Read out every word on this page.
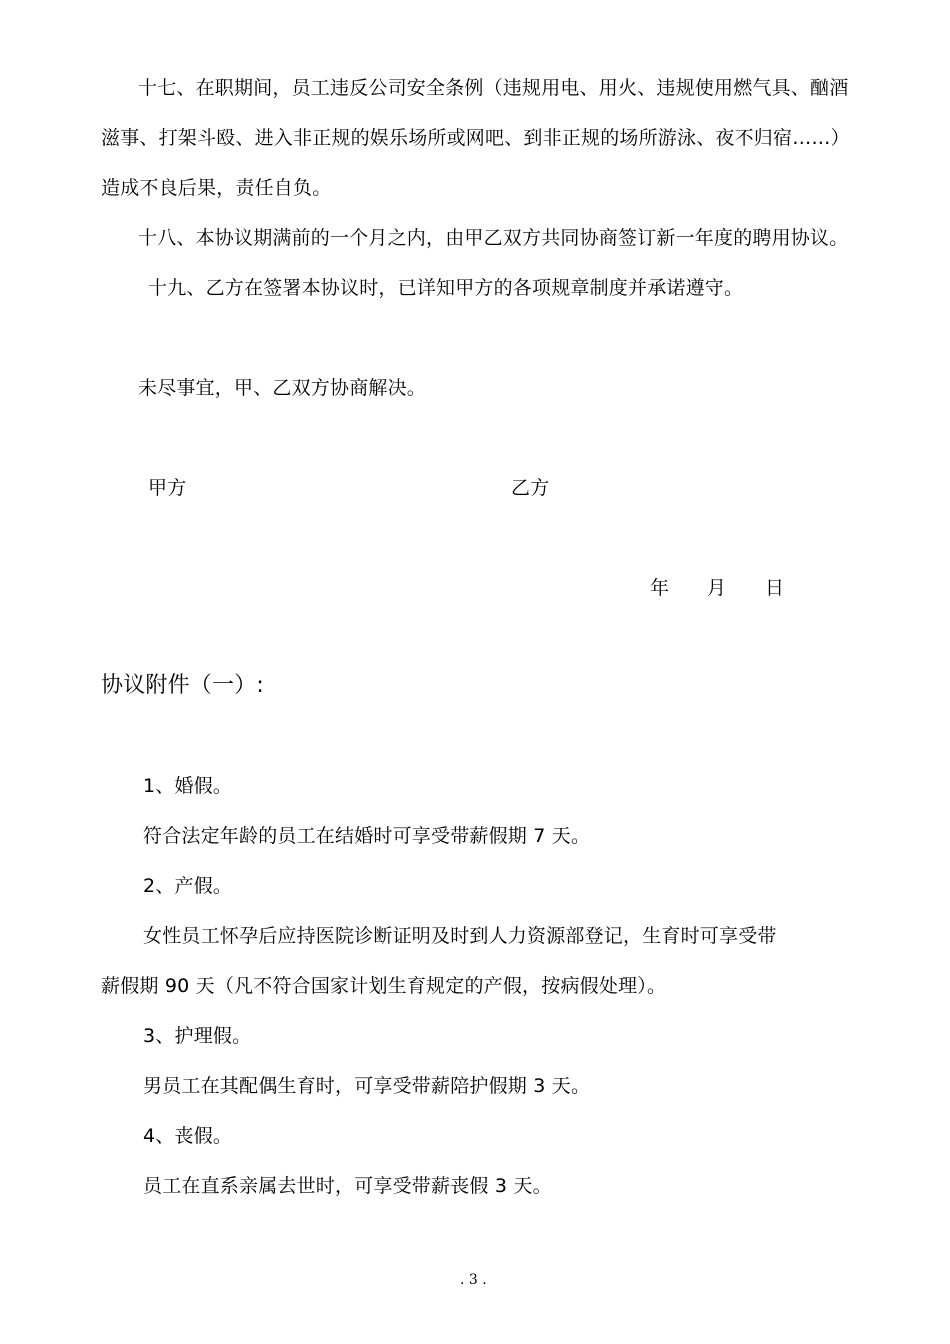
十七、在职期间，员工违反公司安全条例（违规用电、用火、违规使用燃气具、酗酒
滋事、打架斗殴、进入非正规的娱乐场所或网吧、到非正规的场所游泳、夜不归宿……）
造成不良后果，责任自负。
十八、本协议期满前的一个月之内，由甲乙双方共同协商签订新一年度的聘用协议。
十九、乙方在签署本协议时，已详知甲方的各项规章制度并承诺遵守。
未尽事宜，甲、乙双方协商解决。
甲方	乙方
年 月 日
协议附件（一）:
1、婚假。
符合法定年龄的员工在结婚时可享受带薪假期 7 天。
2、产假。
女性员工怀孕后应持医院诊断证明及时到人力资源部登记，生育时可享受带
薪假期 90 天（凡不符合国家计划生育规定的产假，按病假处理）。
3、护理假。
男员工在其配偶生育时，可享受带薪陪护假期 3 天。
4、丧假。
员工在直系亲属去世时，可享受带薪丧假 3 天。
. 3 .
